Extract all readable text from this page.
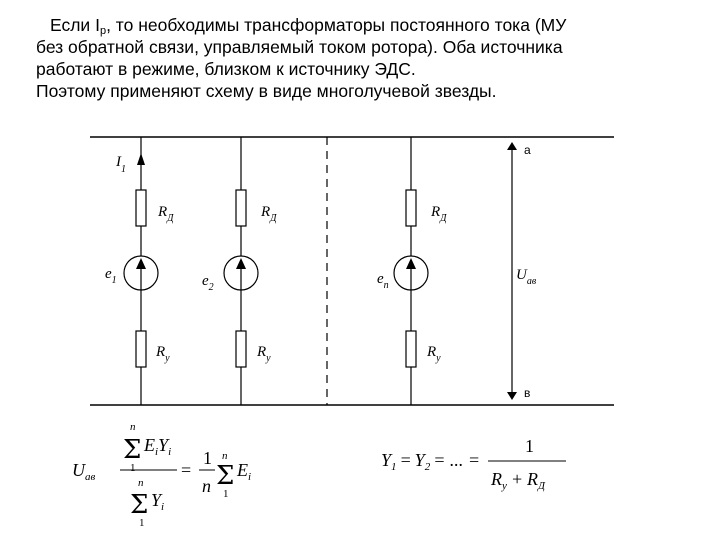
Если $I_р$, то необходимы трансформаторы постоянного тока (МУ

без обратной связи, управляемый током ротора). Оба источника

работают в режиме, близком к источнику ЭДС.

Поэтому применяют схему в виде многолучевой звезды.

$I_1$
$R_Д$
$e_1$
$R_y$
$R_Д$
$e_2$
$R_y$
$R_Д$
$e_n$
$R_y$
а
в
$U_{ав}$
$U_{ав}$
n
Σ
1
$E_iY_i$
n
Σ
1
$Y_i$
=
1
n
n
Σ
1
$E_i$
$Y_1 = Y_2$ = ... =
1
$R_y + R_Д$
